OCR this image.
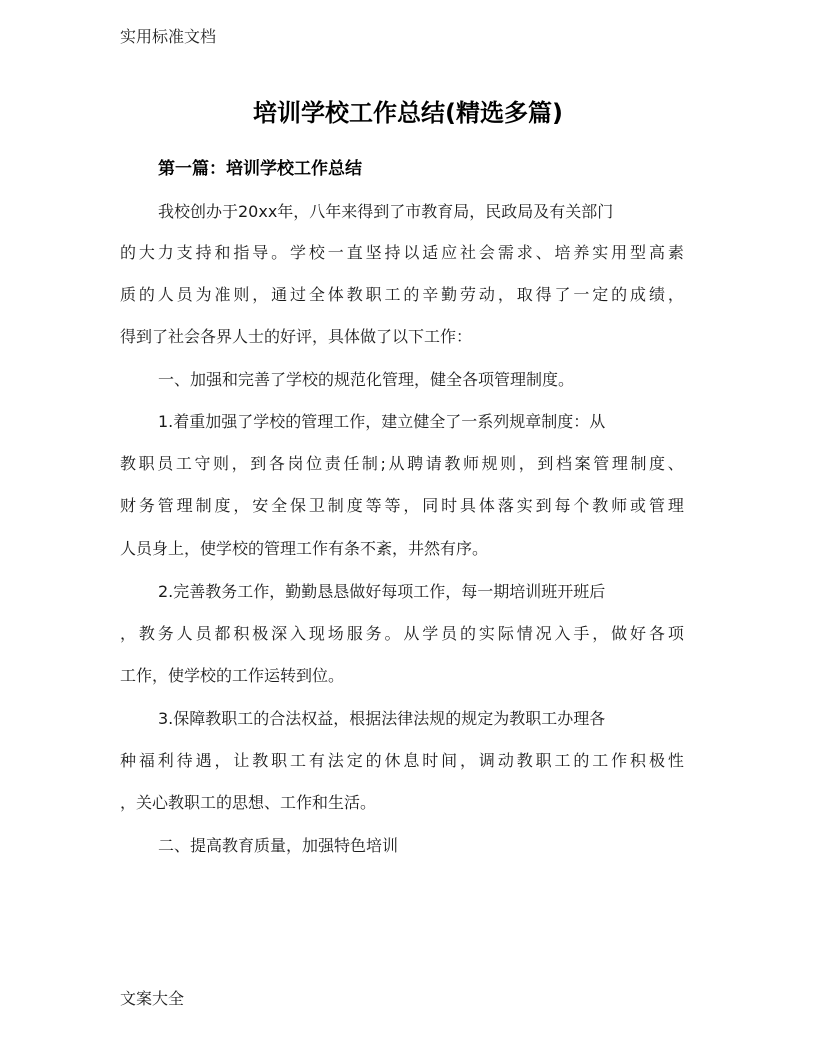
实用标准文档
培训学校工作总结(精选多篇)
第一篇：培训学校工作总结
我校创办于20xx年，八年来得到了市教育局，民政局及有关部门
的 大 力 支 持 和 指 导 。 学 校 一 直 坚 持 以 适 应 社 会 需 求 、 培 养 实 用 型 高 素
质 的 人 员 为 准 则 ， 通 过 全 体 教 职 工 的 辛 勤 劳 动 ， 取 得 了 一 定 的 成 绩 ，
得到了社会各界人士的好评，具体做了以下工作：
一、加强和完善了学校的规范化管理，健全各项管理制度。
1.着重加强了学校的管理工作，建立健全了一系列规章制度：从
教 职 员 工 守 则 ， 到 各 岗 位 责 任 制 ; 从 聘 请 教 师 规 则 ， 到 档 案 管 理 制 度 、
财 务 管 理 制 度 ， 安 全 保 卫 制 度 等 等 ， 同 时 具 体 落 实 到 每 个 教 师 或 管 理
人员身上，使学校的管理工作有条不紊，井然有序。
2.完善教务工作，勤勤恳恳做好每项工作，每一期培训班开班后
， 教 务 人 员 都 积 极 深 入 现 场 服 务 。 从 学 员 的 实 际 情 况 入 手 ， 做 好 各 项
工作，使学校的工作运转到位。
3.保障教职工的合法权益，根据法律法规的规定为教职工办理各
种 福 利 待 遇 ， 让 教 职 工 有 法 定 的 休 息 时 间 ， 调 动 教 职 工 的 工 作 积 极 性
，关心教职工的思想、工作和生活。
二、提高教育质量，加强特色培训
文案大全
